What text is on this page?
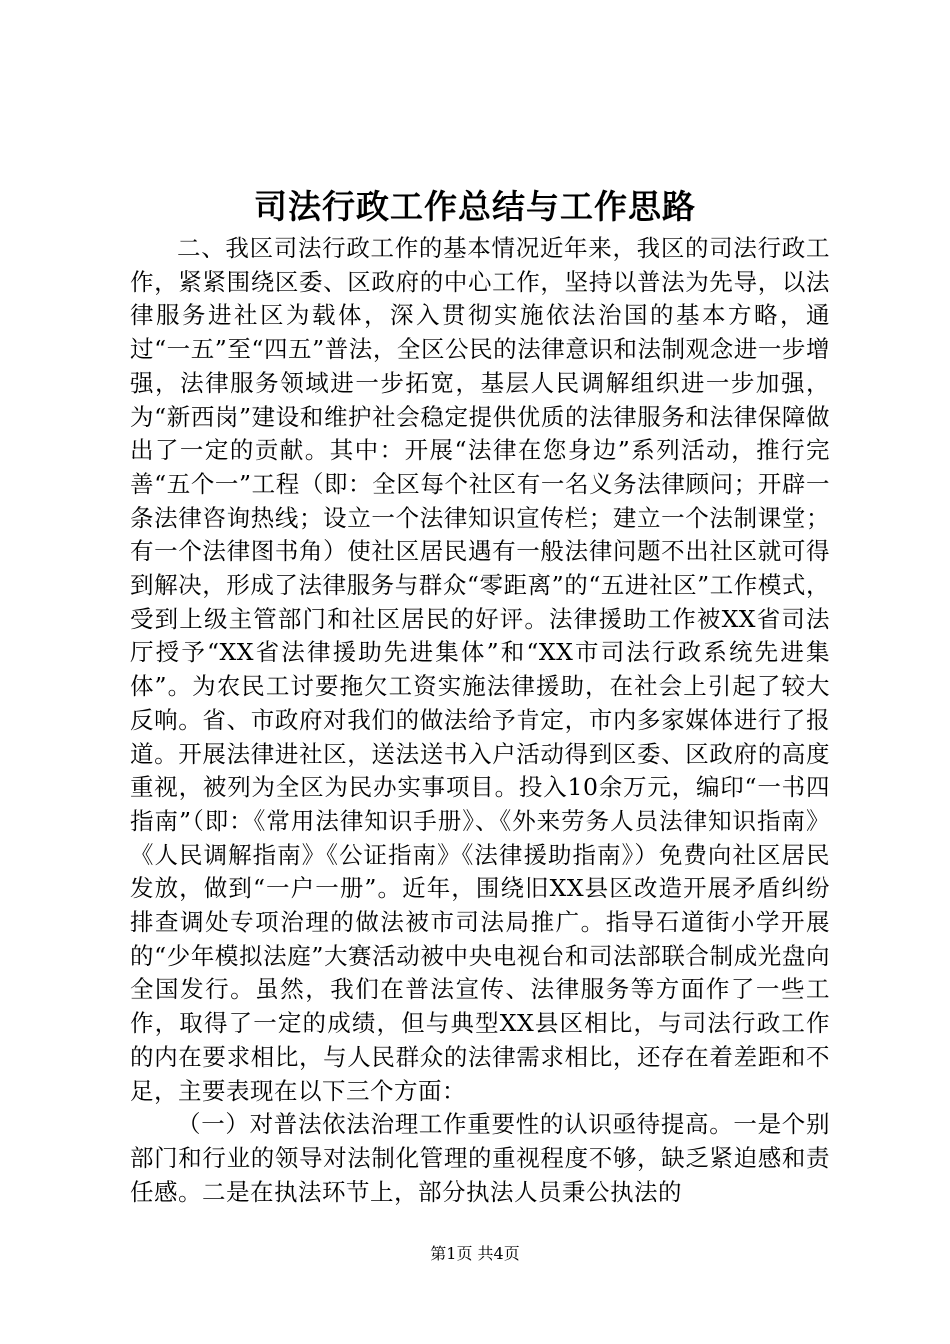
司法行政工作总结与工作思路

二、我区司法行政工作的基本情况近年来，我区的司法行政工作，紧紧围绕区委、区政府的中心工作，坚持以普法为先导，以法律服务进社区为载体，深入贯彻实施依法治国的基本方略，通过“一五”至“四五”普法，全区公民的法律意识和法制观念进一步增强，法律服务领域进一步拓宽，基层人民调解组织进一步加强，为“新西岗”建设和维护社会稳定提供优质的法律服务和法律保障做出了一定的贡献。其中：开展“法律在您身边”系列活动，推行完善“五个一”工程（即：全区每个社区有一名义务法律顾问；开辟一条法律咨询热线；设立一个法律知识宣传栏；建立一个法制课堂；有一个法律图书角）使社区居民遇有一般法律问题不出社区就可得到解决，形成了法律服务与群众“零距离”的“五进社区”工作模式，受到上级主管部门和社区居民的好评。法律援助工作被XX省司法厅授予“XX省法律援助先进集体”和“XX市司法行政系统先进集体”。为农民工讨要拖欠工资实施法律援助，在社会上引起了较大反响。省、市政府对我们的做法给予肯定，市内多家媒体进行了报道。开展法律进社区，送法送书入户活动得到区委、区政府的高度重视，被列为全区为民办实事项目。投入10余万元，编印“一书四指南”（即：《常用法律知识手册》、《外来劳务人员法律知识指南》《人民调解指南》《公证指南》《法律援助指南》）免费向社区居民发放，做到“一户一册”。近年，围绕旧XX县区改造开展矛盾纠纷排查调处专项治理的做法被市司法局推广。指导石道街小学开展的“少年模拟法庭”大赛活动被中央电视台和司法部联合制成光盘向全国发行。虽然，我们在普法宣传、法律服务等方面作了一些工作，取得了一定的成绩，但与典型XX县区相比，与司法行政工作的内在要求相比，与人民群众的法律需求相比，还存在着差距和不足，主要表现在以下三个方面：

（一）对普法依法治理工作重要性的认识亟待提高。一是个别部门和行业的领导对法制化管理的重视程度不够，缺乏紧迫感和责任感。二是在执法环节上，部分执法人员秉公执法的

第1页 共4页
